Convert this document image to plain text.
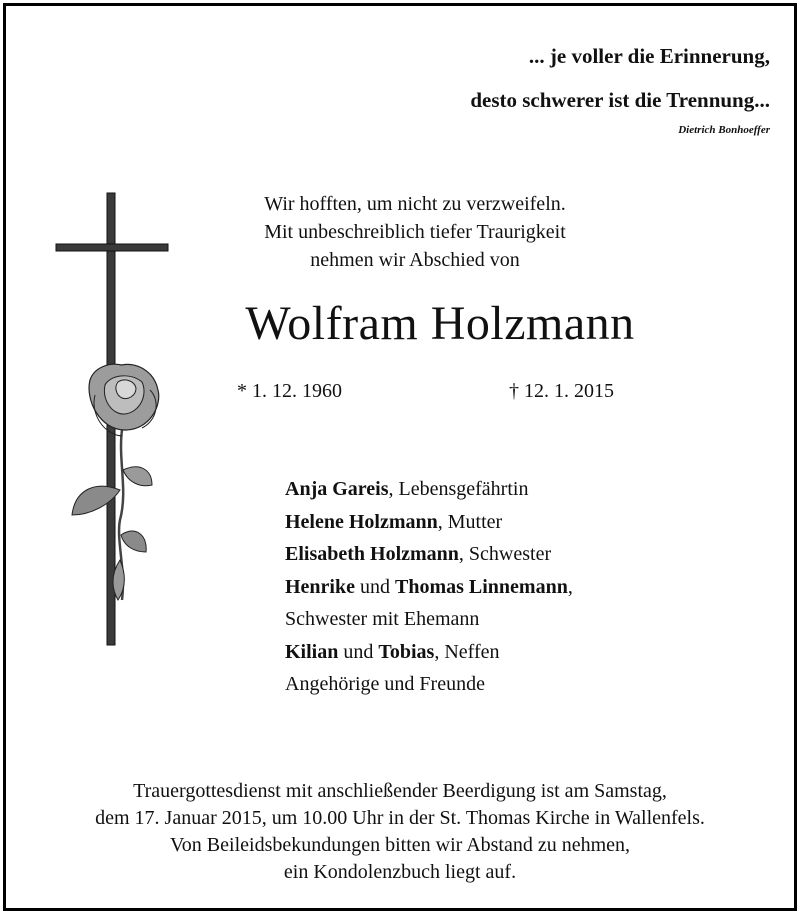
... je voller die Erinnerung,
desto schwerer ist die Trennung...
Dietrich Bonhoeffer
Wir hofften, um nicht zu verzweifeln.
Mit unbeschreiblich tiefer Traurigkeit
nehmen wir Abschied von
Wolfram Holzmann
* 1. 12. 1960	† 12. 1. 2015
Anja Gareis, Lebensgefährtin
Helene Holzmann, Mutter
Elisabeth Holzmann, Schwester
Henrike und Thomas Linnemann,
Schwester mit Ehemann
Kilian und Tobias, Neffen
Angehörige und Freunde
Trauergottesdienst mit anschließender Beerdigung ist am Samstag,
dem 17. Januar 2015, um 10.00 Uhr in der St. Thomas Kirche in Wallenfels.
Von Beileidsbekundungen bitten wir Abstand zu nehmen,
ein Kondolenzbuch liegt auf.
